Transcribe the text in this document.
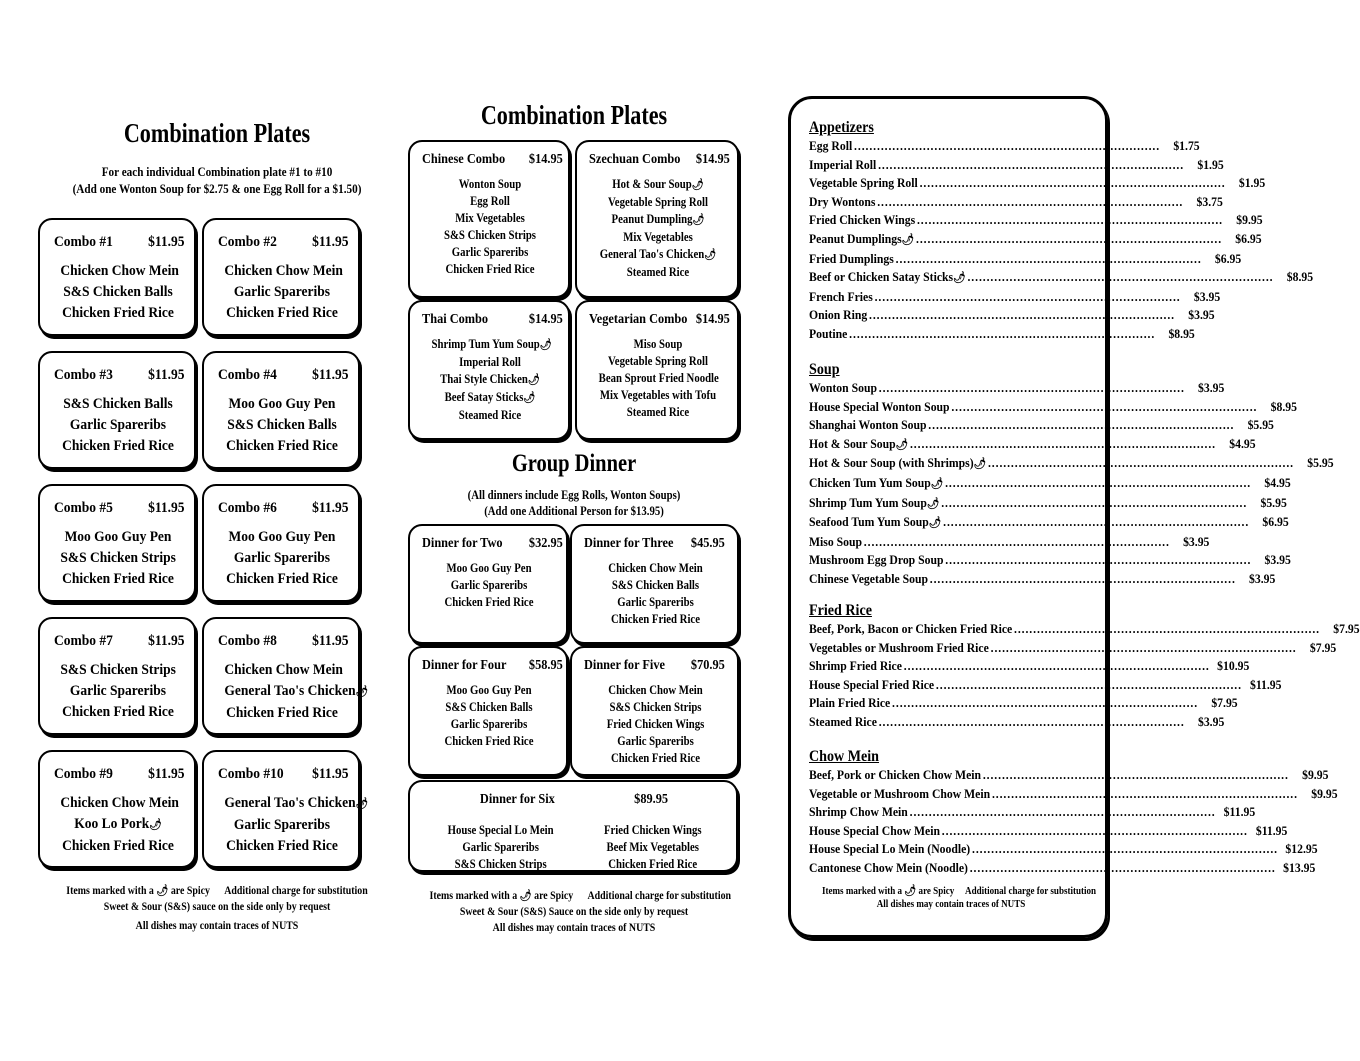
Combination Plates
For each individual Combination plate #1 to #10
(Add one Wonton Soup for $2.75 & one Egg Roll for a $1.50)
Combo #1 $11.95
Chicken Chow Mein
S&S Chicken Balls
Chicken Fried Rice
Combo #2 $11.95
Chicken Chow Mein
Garlic Spareribs
Chicken Fried Rice
Combo #3 $11.95
S&S Chicken Balls
Garlic Spareribs
Chicken Fried Rice
Combo #4 $11.95
Moo Goo Guy Pen
S&S Chicken Balls
Chicken Fried Rice
Combo #5 $11.95
Moo Goo Guy Pen
S&S Chicken Strips
Chicken Fried Rice
Combo #6 $11.95
Moo Goo Guy Pen
Garlic Spareribs
Chicken Fried Rice
Combo #7 $11.95
S&S Chicken Strips
Garlic Spareribs
Chicken Fried Rice
Combo #8 $11.95
Chicken Chow Mein
General Tao's Chicken🌶
Chicken Fried Rice
Combo #9 $11.95
Chicken Chow Mein
Koo Lo Pork🌶
Chicken Fried Rice
Combo #10 $11.95
General Tao's Chicken🌶
Garlic Spareribs
Chicken Fried Rice
Items marked with a 🌶 are Spicy Additional charge for substitution
Sweet & Sour (S&S) sauce on the side only by request
All dishes may contain traces of NUTS
Combination Plates
Chinese Combo $14.95
Wonton Soup
Egg Roll
Mix Vegetables
S&S Chicken Strips
Garlic Spareribs
Chicken Fried Rice
Szechuan Combo $14.95
Hot & Sour Soup🌶
Vegetable Spring Roll
Peanut Dumpling🌶
Mix Vegetables
General Tao's Chicken🌶
Steamed Rice
Thai Combo	$14.95
Shrimp Tum Yum Soup🌶
Imperial Roll
Thai Style Chicken🌶
Beef Satay Sticks🌶
Steamed Rice
Vegetarian Combo $14.95
Miso Soup
Vegetable Spring Roll
Bean Sprout Fried Noodle
Mix Vegetables with Tofu
Steamed Rice
Group Dinner
(All dinners include Egg Rolls, Wonton Soups)
(Add one Additional Person for $13.95)
Dinner for Two $32.95
Moo Goo Guy Pen
Garlic Spareribs
Chicken Fried Rice
Dinner for Three $45.95
Chicken Chow Mein
S&S Chicken Balls
Garlic Spareribs
Chicken Fried Rice
Dinner for Four $58.95
Moo Goo Guy Pen
S&S Chicken Balls
Garlic Spareribs
Chicken Fried Rice
Dinner for Five $70.95
Chicken Chow Mein
S&S Chicken Strips
Fried Chicken Wings
Garlic Spareribs
Chicken Fried Rice
Dinner for Six	$89.95
House Special Lo Mein
Garlic Spareribs
S&S Chicken Strips
Fried Chicken Wings
Beef Mix Vegetables
Chicken Fried Rice
Items marked with a 🌶 are Spicy Additional charge for substitution
Sweet & Sour (S&S) Sauce on the side only by request
All dishes may contain traces of NUTS
Appetizers
Egg Roll ................................................................................	$1.75
Imperial Roll ................................................................................	$1.95
Vegetable Spring Roll ................................................................................	$1.95
Dry Wontons ................................................................................	$3.75
Fried Chicken Wings ................................................................................	$9.95
Peanut Dumplings🌶 ................................................................................	$6.95
Fried Dumplings ................................................................................	$6.95
Beef or Chicken Satay Sticks🌶 ................................................................................	$8.95
French Fries ................................................................................	$3.95
Onion Ring ................................................................................	$3.95
Poutine ................................................................................	$8.95
Soup
Wonton Soup ................................................................................	$3.95
House Special Wonton Soup ................................................................................	$8.95
Shanghai Wonton Soup ................................................................................	$5.95
Hot & Sour Soup🌶 ................................................................................	$4.95
Hot & Sour Soup (with Shrimps)🌶 ................................................................................	$5.95
Chicken Tum Yum Soup🌶 ................................................................................	$4.95
Shrimp Tum Yum Soup🌶 ................................................................................	$5.95
Seafood Tum Yum Soup🌶 ................................................................................	$6.95
Miso Soup ................................................................................	$3.95
Mushroom Egg Drop Soup ................................................................................	$3.95
Chinese Vegetable Soup ................................................................................	$3.95
Fried Rice
Beef, Pork, Bacon or Chicken Fried Rice ................................................................................	$7.95
Vegetables or Mushroom Fried Rice ................................................................................	$7.95
Shrimp Fried Rice ................................................................................ $10.95
House Special Fried Rice ................................................................................ $11.95
Plain Fried Rice ................................................................................	$7.95
Steamed Rice ................................................................................	$3.95
Chow Mein
Beef, Pork or Chicken Chow Mein ................................................................................	$9.95
Vegetable or Mushroom Chow Mein ................................................................................	$9.95
Shrimp Chow Mein ................................................................................ $11.95
House Special Chow Mein ................................................................................ $11.95
House Special Lo Mein (Noodle) ................................................................................ $12.95
Cantonese Chow Mein (Noodle) ................................................................................ $13.95
Items marked with a 🌶 are Spicy Additional charge for substitution
All dishes may contain traces of NUTS
